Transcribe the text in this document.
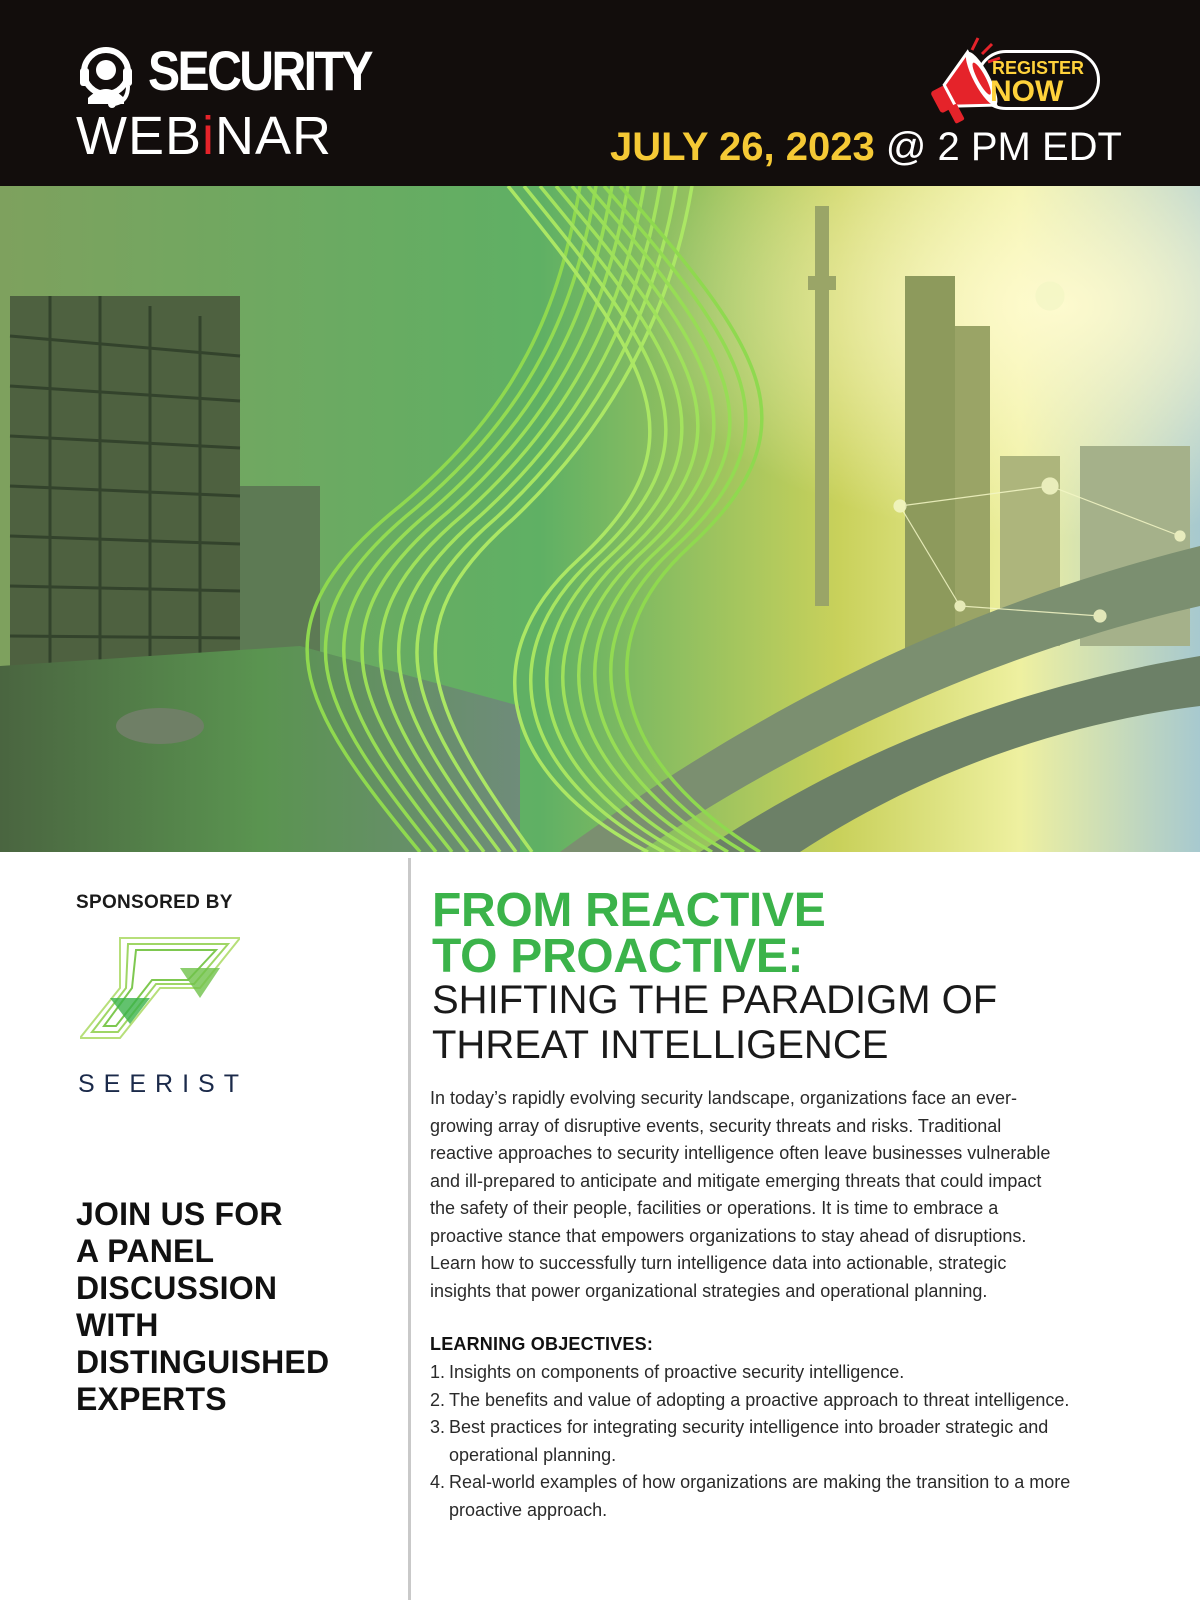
SECURITY
WEBiNAR
REGISTER
NOW
JULY 26, 2023 @ 2 PM EDT
SPONSORED BY
SEERIST
JOIN US FOR
A PANEL
DISCUSSION
WITH
DISTINGUISHED
EXPERTS
FROM REACTIVE
TO PROACTIVE:
SHIFTING THE PARADIGM OF
THREAT INTELLIGENCE
In today’s rapidly evolving security landscape, organizations face an ever-
growing array of disruptive events, security threats and risks. Traditional
reactive approaches to security intelligence often leave businesses vulnerable
and ill-prepared to anticipate and mitigate emerging threats that could impact
the safety of their people, facilities or operations. It is time to embrace a
proactive stance that empowers organizations to stay ahead of disruptions.
Learn how to successfully turn intelligence data into actionable, strategic
insights that power organizational strategies and operational planning.
LEARNING OBJECTIVES:
1. Insights on components of proactive security intelligence.
2. The benefits and value of adopting a proactive approach to threat intelligence.
3. Best practices for integrating security intelligence into broader strategic and
operational planning.
4. Real-world examples of how organizations are making the transition to a more
proactive approach.
